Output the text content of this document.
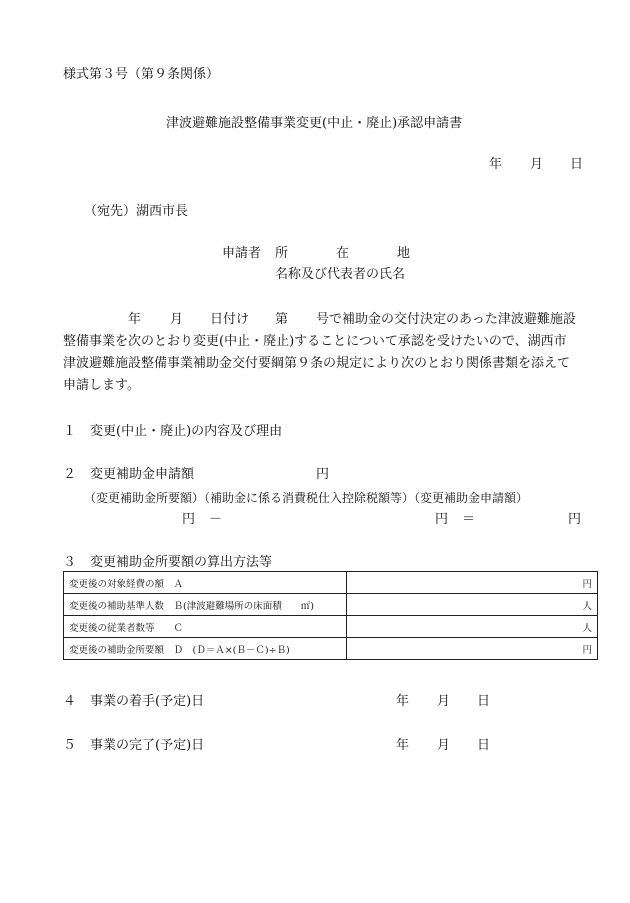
様式第３号（第９条関係）
津波避難施設整備事業変更(中止・廃止)承認申請書
年 月 日
（宛先）湖西市長
申請者 所	在	地
名称及び代表者の氏名
年 月 日付け 第 号で補助金の交付決定のあった津波避難施設
整備事業を次のとおり変更(中止・廃止)することについて承認を受けたいので、湖西市
津波避難施設整備事業補助金交付要綱第９条の規定により次のとおり関係書類を添えて
申請します。
１ 変更(中止・廃止)の内容及び理由
２ 変更補助金申請額	円
（変更補助金所要額）（補助金に係る消費税仕入控除税額等）（変更補助金申請額）
円 －	円 ＝	円
３ 変更補助金所要額の算出方法等
変更後の対象経費の額　Ａ	円
変更後の補助基準人数　Ｂ(津波避難場所の床面積　　㎡)	人
変更後の従業者数等　　Ｃ	人
変更後の補助金所要額　Ｄ　(Ｄ＝Ａ×(Ｂ－Ｃ)÷Ｂ)	円
４ 事業の着手(予定)日	年 月 日
５ 事業の完了(予定)日	年 月 日
